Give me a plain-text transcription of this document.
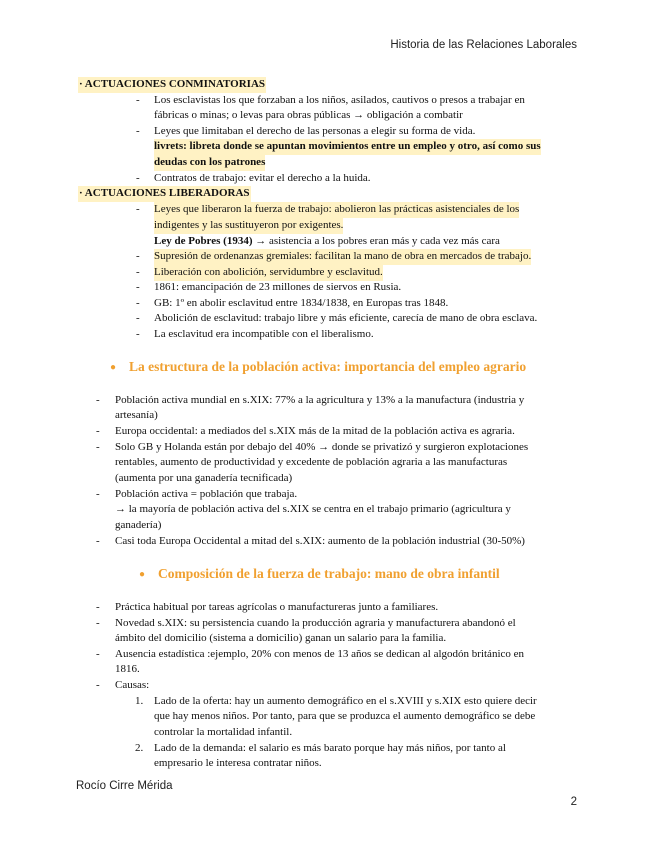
Historia de las Relaciones Laborales
· ACTUACIONES CONMINATORIAS
- Los esclavistas los que forzaban a los niños, asilados, cautivos o presos a trabajar en
fábricas o minas; o levas para obras públicas → obligación a combatir
- Leyes que limitaban el derecho de las personas a elegir su forma de vida.
livrets: libreta donde se apuntan movimientos entre un empleo y otro, así como sus
deudas con los patrones
- Contratos de trabajo: evitar el derecho a la huida.
· ACTUACIONES LIBERADORAS
- Leyes que liberaron la fuerza de trabajo: abolieron las prácticas asistenciales de los
indigentes y las sustituyeron por exigentes.
Ley de Pobres (1934) → asistencia a los pobres eran más y cada vez más cara
- Supresión de ordenanzas gremiales: facilitan la mano de obra en mercados de trabajo.
- Liberación con abolición, servidumbre y esclavitud.
- 1861: emancipación de 23 millones de siervos en Rusia.
- GB: 1º en abolir esclavitud entre 1834/1838, en Europas tras 1848.
- Abolición de esclavitud: trabajo libre y más eficiente, carecía de mano de obra esclava.
- La esclavitud era incompatible con el liberalismo.
● La estructura de la población activa: importancia del empleo agrario
- Población activa mundial en s.XIX: 77% a la agricultura y 13% a la manufactura (industria y
artesanía)
- Europa occidental: a mediados del s.XIX más de la mitad de la población activa es agraria.
- Solo GB y Holanda están por debajo del 40% → donde se privatizó y surgieron explotaciones
rentables, aumento de productividad y excedente de población agraria a las manufacturas
(aumenta por una ganadería tecnificada)
- Población activa = población que trabaja.
→ la mayoría de población activa del s.XIX se centra en el trabajo primario (agricultura y
ganadería)
- Casi toda Europa Occidental a mitad del s.XIX: aumento de la población industrial (30-50%)
● Composición de la fuerza de trabajo: mano de obra infantil
- Práctica habitual por tareas agrícolas o manufactureras junto a familiares.
- Novedad s.XIX: su persistencia cuando la producción agraria y manufacturera abandonó el
ámbito del domicilio (sistema a domicilio) ganan un salario para la familia.
- Ausencia estadística :ejemplo, 20% con menos de 13 años se dedican al algodón británico en
1816.
- Causas:
1. Lado de la oferta: hay un aumento demográfico en el s.XVIII y s.XIX esto quiere decir
que hay menos niños. Por tanto, para que se produzca el aumento demográfico se debe
controlar la mortalidad infantil.
2. Lado de la demanda: el salario es más barato porque hay más niños, por tanto al
empresario le interesa contratar niños.
Rocío Cirre Mérida
2
